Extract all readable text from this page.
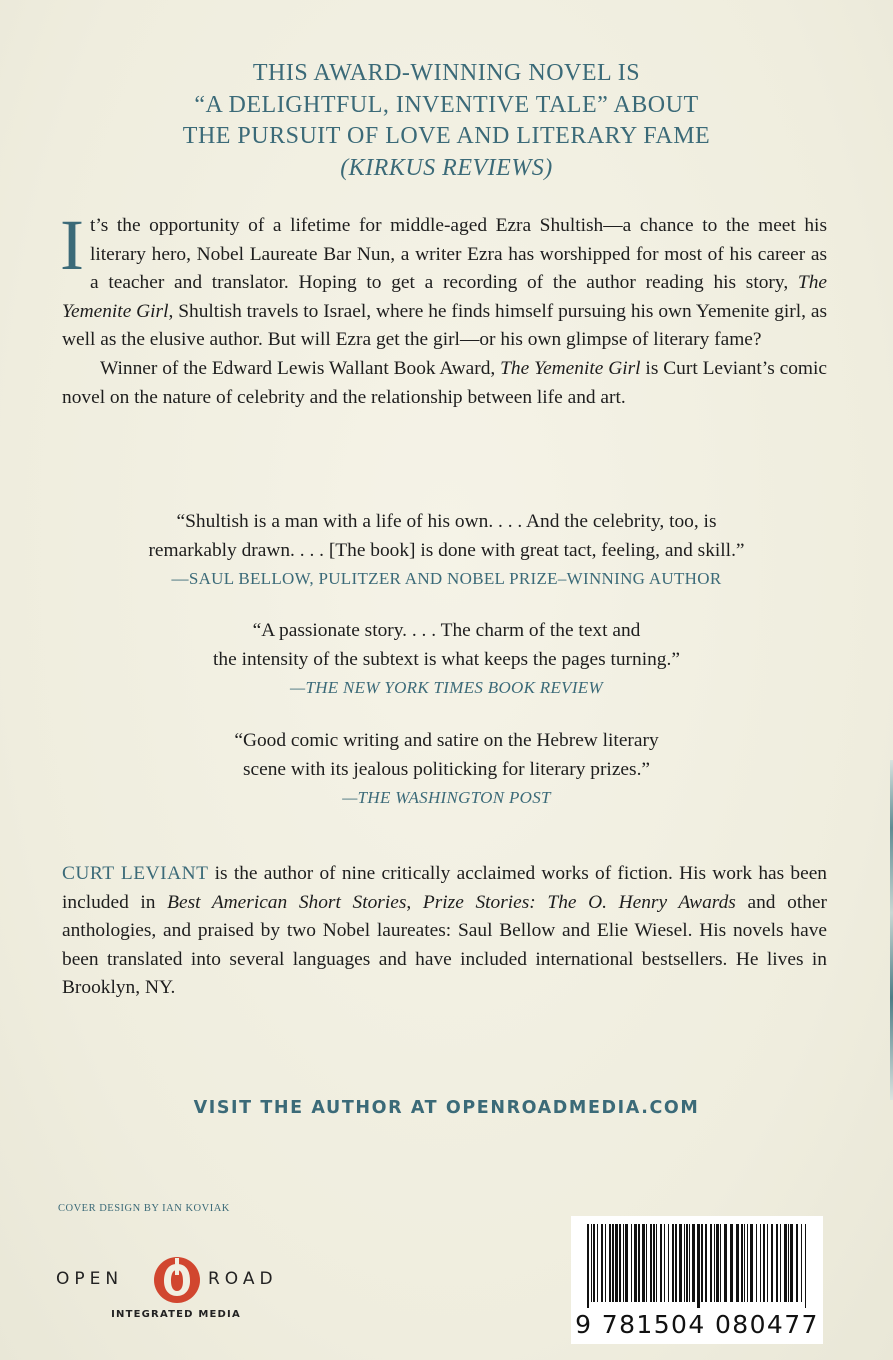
THIS AWARD-WINNING NOVEL IS
“A DELIGHTFUL, INVENTIVE TALE” ABOUT
THE PURSUIT OF LOVE AND LITERARY FAME
(KIRKUS REVIEWS)

It’s the opportunity of a lifetime for middle-aged Ezra Shultish—a chance to the meet his literary hero, Nobel Laureate Bar Nun, a writer Ezra has worshipped for most of his career as a teacher and translator. Hoping to get a recording of the author reading his story, The Yemenite Girl, Shultish travels to Israel, where he finds himself pursuing his own Yemenite girl, as well as the elusive author. But will Ezra get the girl—or his own glimpse of literary fame?

Winner of the Edward Lewis Wallant Book Award, The Yemenite Girl is Curt Leviant’s comic novel on the nature of celebrity and the relationship between life and art.

“Shultish is a man with a life of his own. . . . And the celebrity, too, is
remarkably drawn. . . . [The book] is done with great tact, feeling, and skill.”
—SAUL BELLOW, PULITZER AND NOBEL PRIZE–WINNING AUTHOR
“A passionate story. . . . The charm of the text and
the intensity of the subtext is what keeps the pages turning.”
—THE NEW YORK TIMES BOOK REVIEW
“Good comic writing and satire on the Hebrew literary
scene with its jealous politicking for literary prizes.”
—THE WASHINGTON POST

CURT LEVIANT is the author of nine critically acclaimed works of fiction. His work has been included in Best American Short Stories, Prize Stories: The O. Henry Awards and other anthologies, and praised by two Nobel laureates: Saul Bellow and Elie Wiesel. His novels have been translated into several languages and have included international bestsellers. He lives in Brooklyn, NY.

VISIT THE AUTHOR AT OPENROADMEDIA.COM
COVER DESIGN BY IAN KOVIAK
OPEN	ROAD
INTEGRATED MEDIA	9 781504 080477
